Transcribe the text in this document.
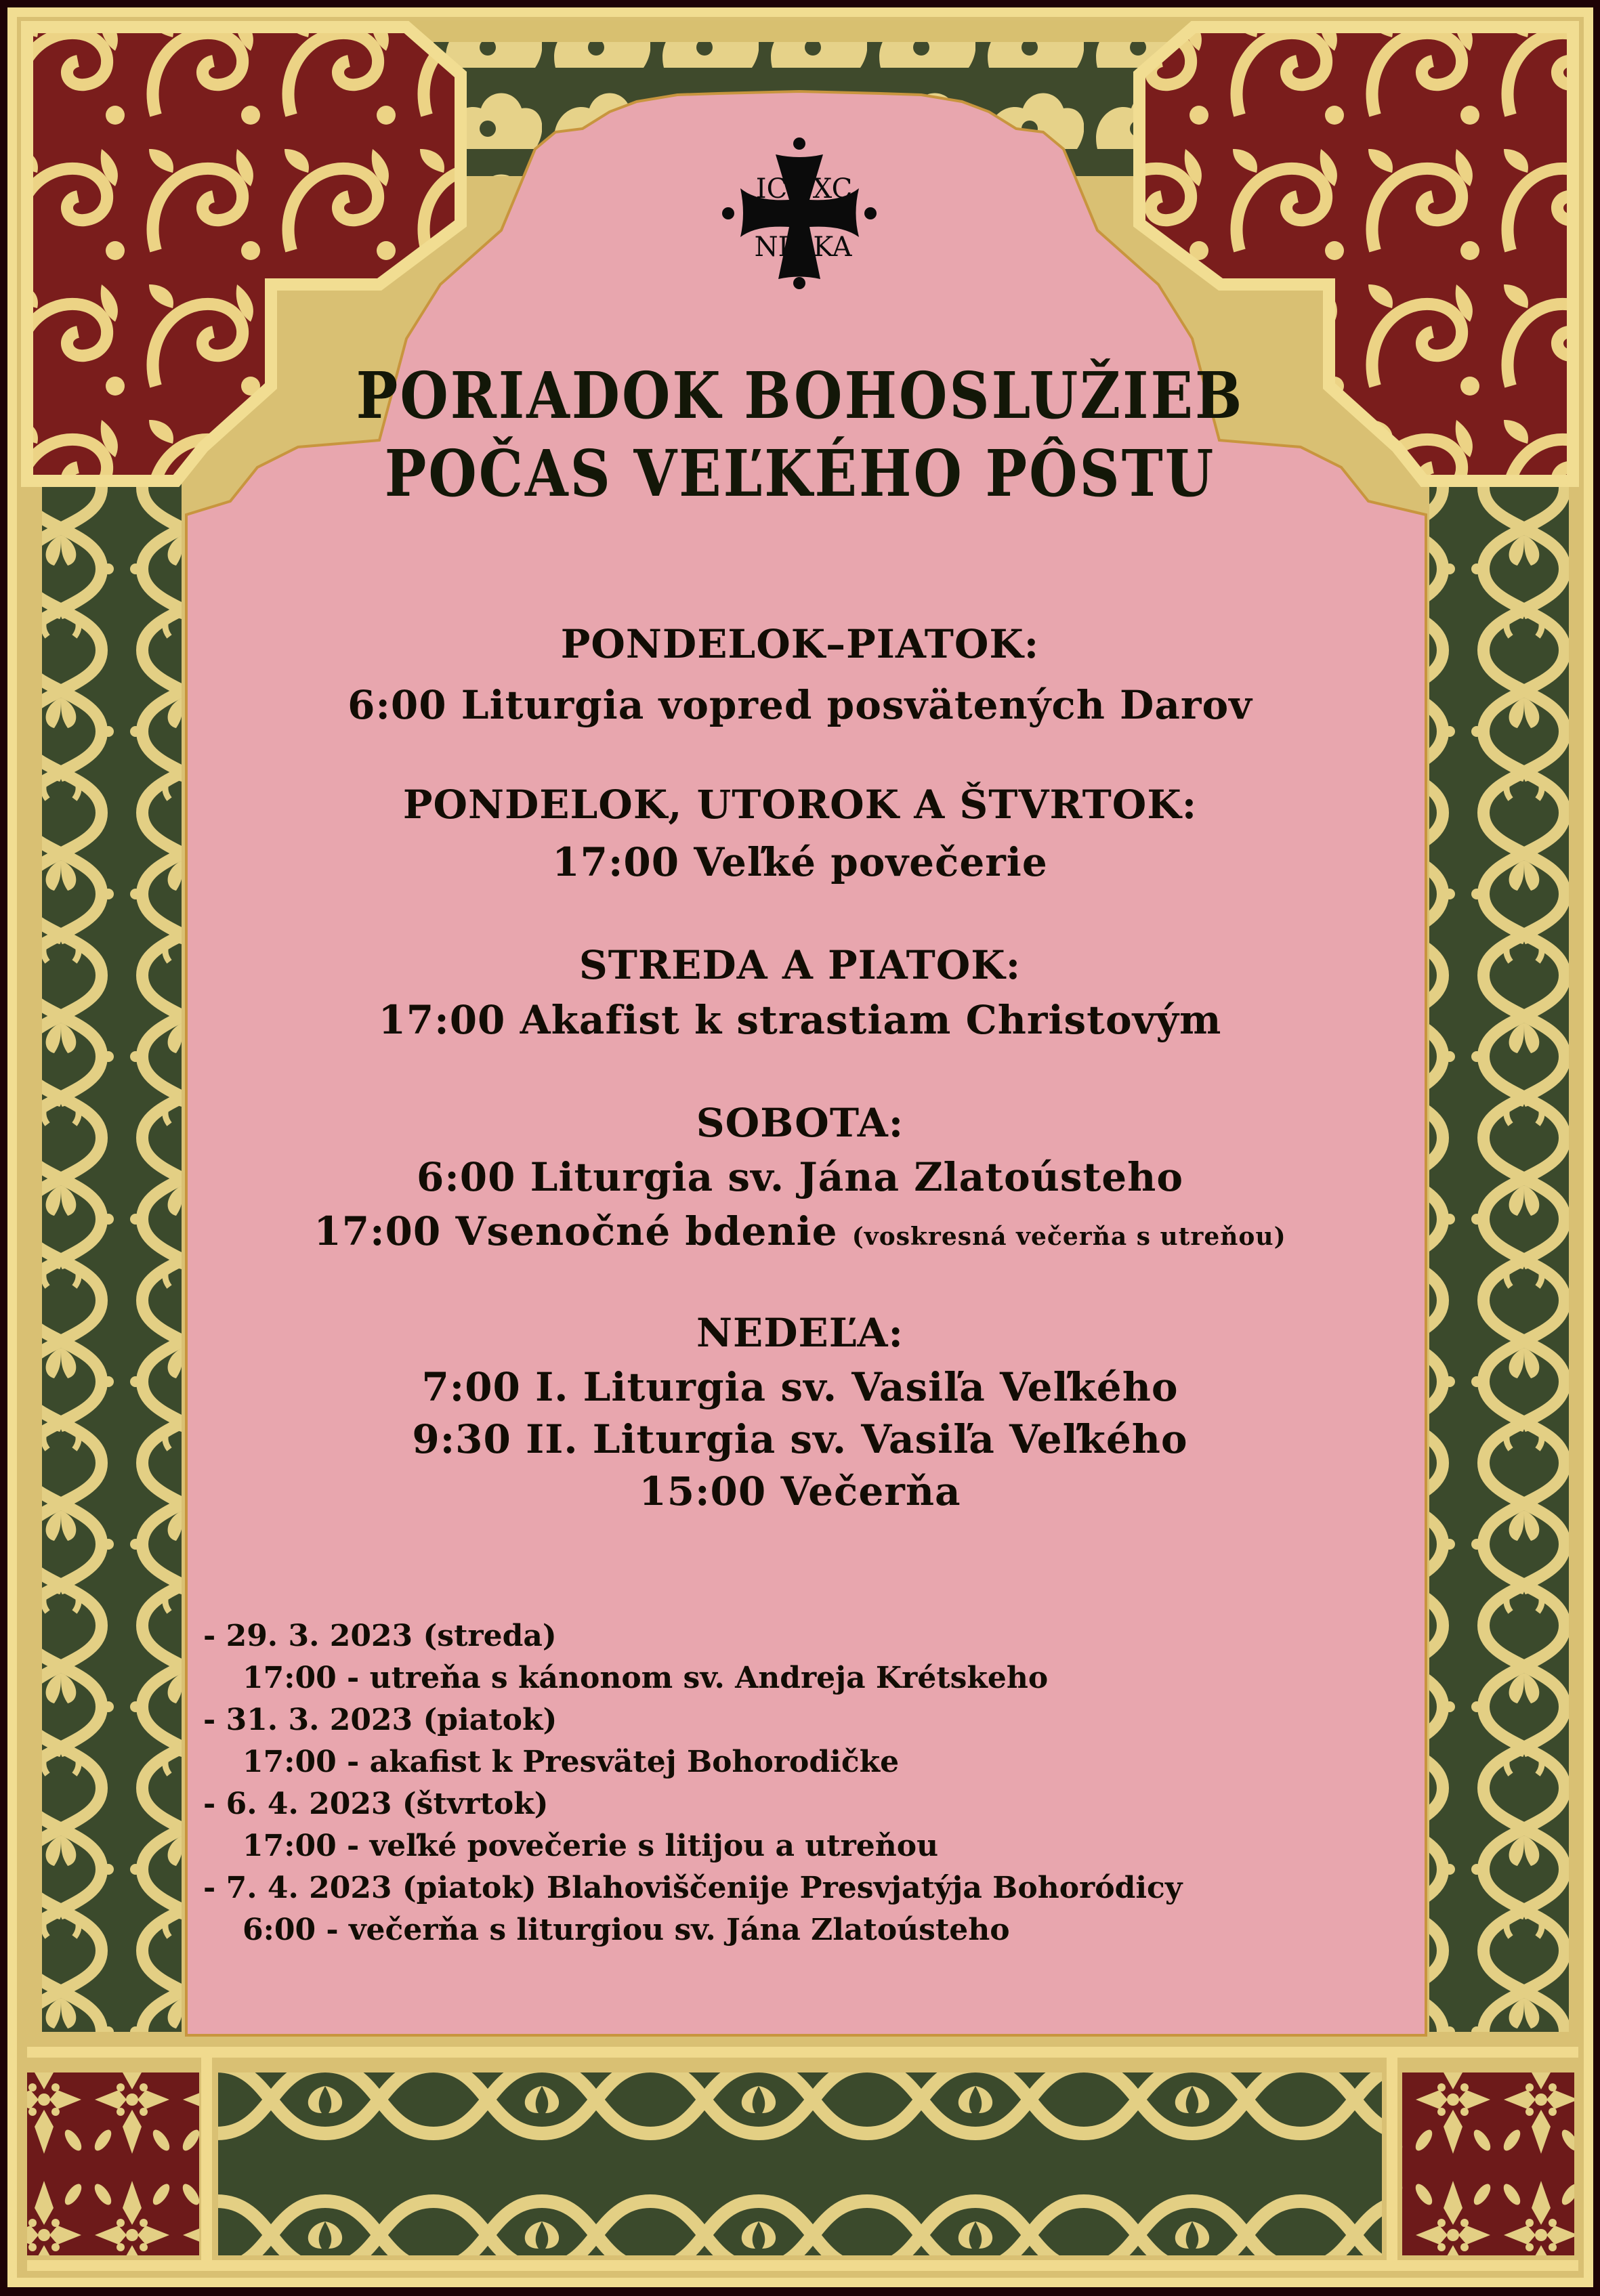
IC XC
NI KA
PORIADOK BOHOSLUŽIEB
POČAS VEĽKÉHO PÔSTU
PONDELOK–PIATOK:
6:00 Liturgia vopred posvätených Darov
PONDELOK, UTOROK A ŠTVRTOK:
17:00 Veľké povečerie
STREDA A PIATOK:
17:00 Akafist k strastiam Christovým
SOBOTA:
6:00 Liturgia sv. Jána Zlatoústeho
17:00 Vsenočné bdenie (voskresná večerňa s utreňou)
NEDEĽA:
7:00 I. Liturgia sv. Vasiľa Veľkého
9:30 II. Liturgia sv. Vasiľa Veľkého
15:00 Večerňa
- 29. 3. 2023 (streda)
17:00 - utreňa s kánonom sv. Andreja Krétskeho
- 31. 3. 2023 (piatok)
17:00 - akafist k Presvätej Bohorodičke
- 6. 4. 2023 (štvrtok)
17:00 - veľké povečerie s litijou a utreňou
- 7. 4. 2023 (piatok) Blahoviščenije Presvjatýja Bohoródicy
6:00 - večerňa s liturgiou sv. Jána Zlatoústeho
